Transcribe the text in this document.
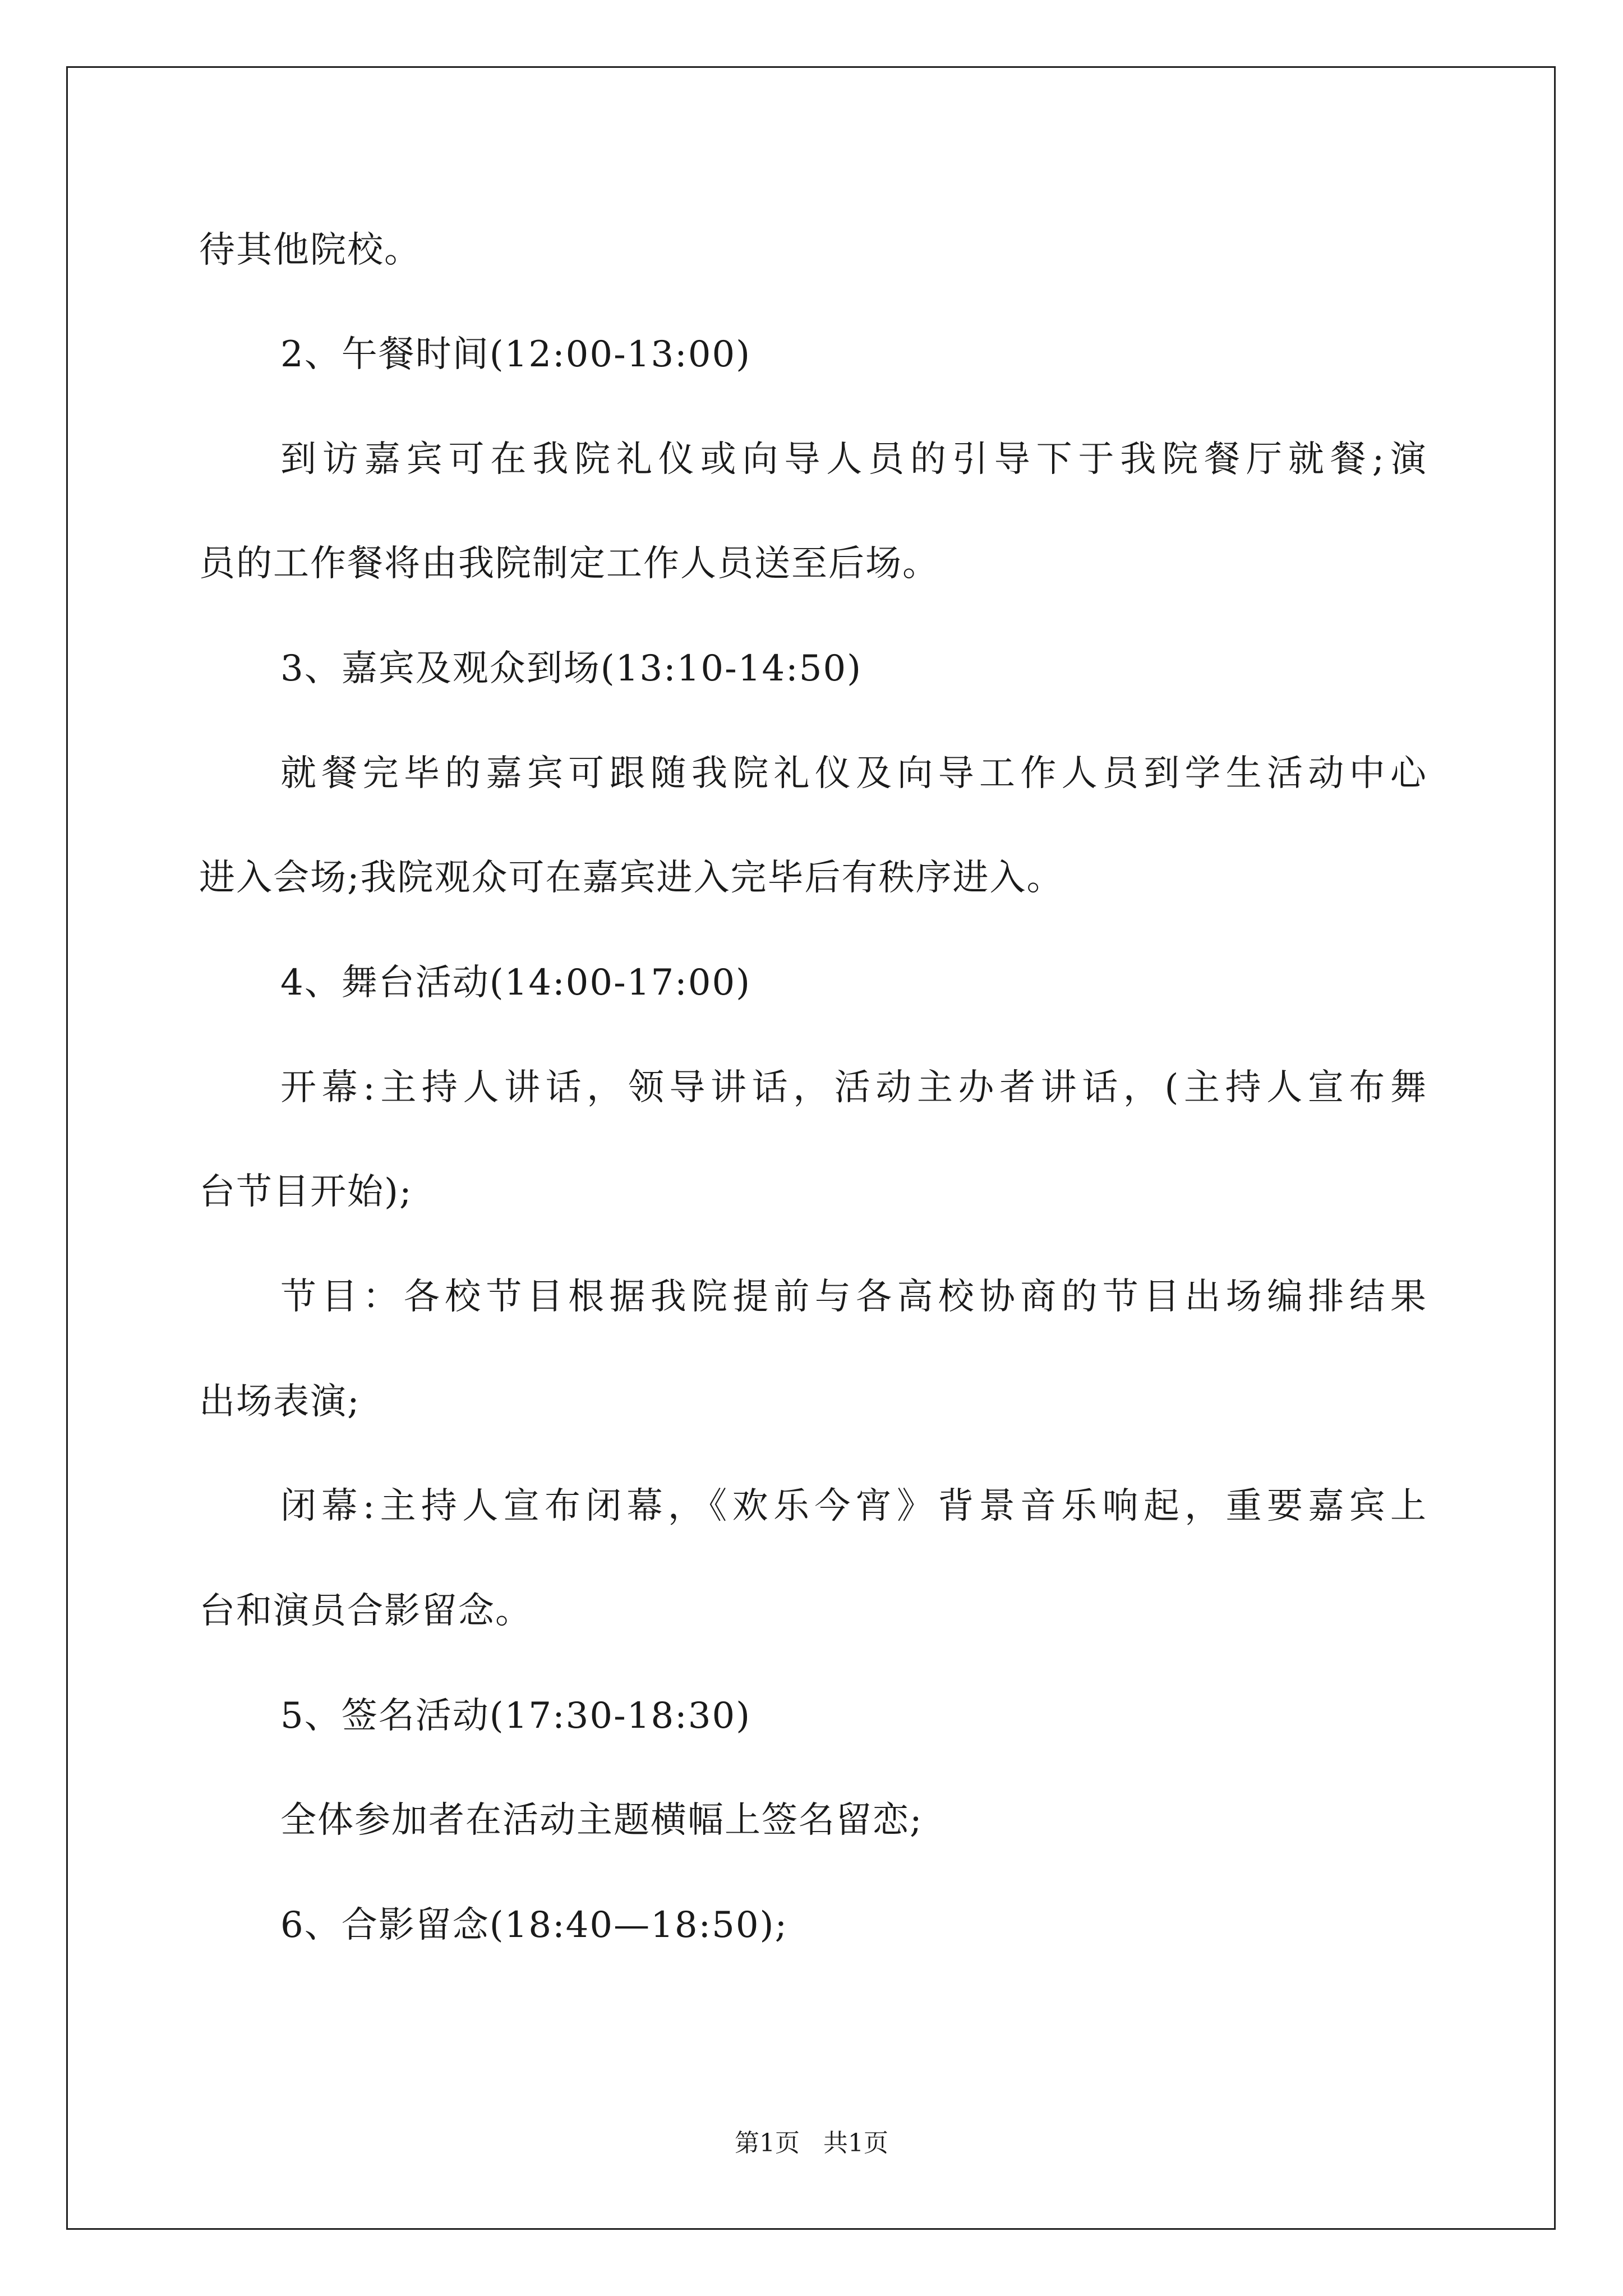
待其他院校。
2、午餐时间(12:00-13:00)
到访嘉宾可在我院礼仪或向导人员的引导下于我院餐厅就餐;演
员的工作餐将由我院制定工作人员送至后场。
3、嘉宾及观众到场(13:10-14:50)
就餐完毕的嘉宾可跟随我院礼仪及向导工作人员到学生活动中心
进入会场;我院观众可在嘉宾进入完毕后有秩序进入。
4、舞台活动(14:00-17:00)
开幕:主持人讲话，领导讲话，活动主办者讲话，(主持人宣布舞
台节目开始);
节目：各校节目根据我院提前与各高校协商的节目出场编排结果
出场表演;
闭幕:主持人宣布闭幕，《欢乐今宵》背景音乐响起，重要嘉宾上
台和演员合影留念。
5、签名活动(17:30-18:30)
全体参加者在活动主题横幅上签名留恋;
6、合影留念(18:40—18:50);
第1页   共1页
